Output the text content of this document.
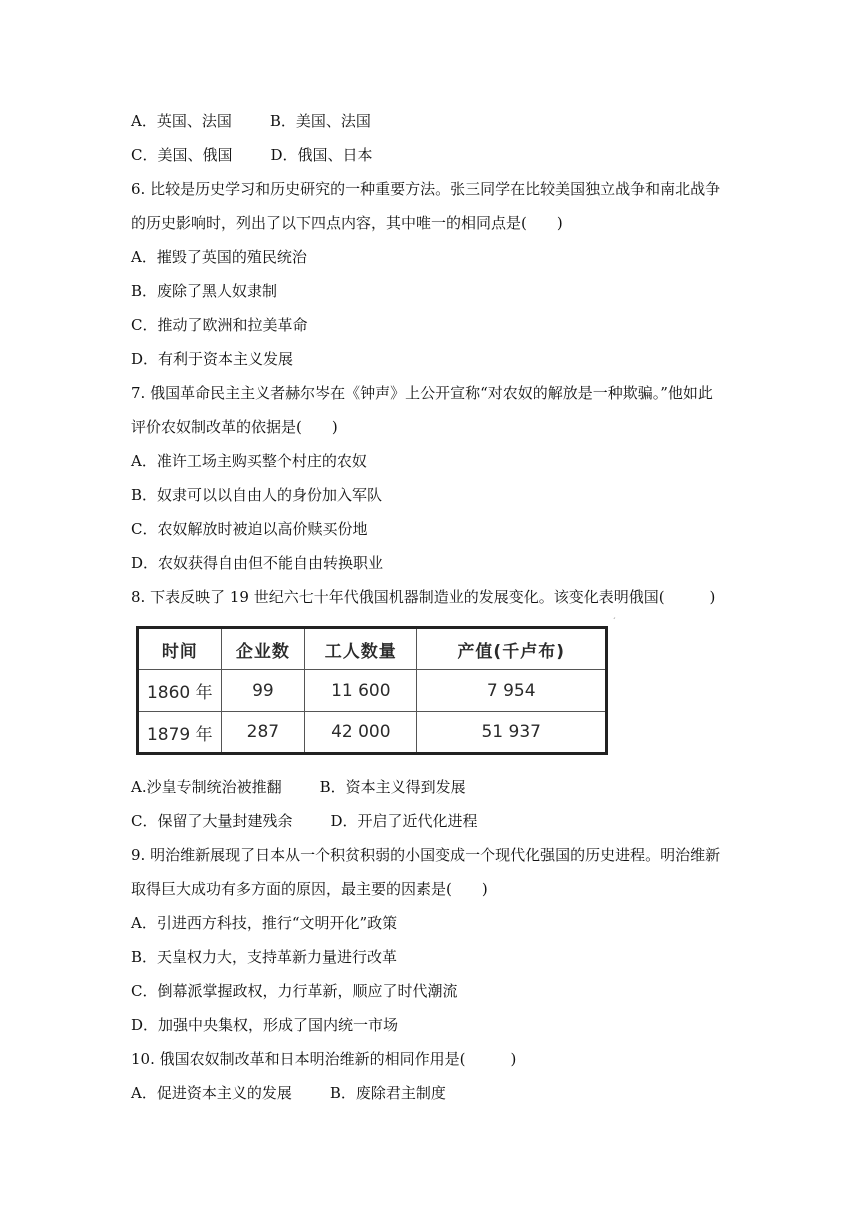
A．英国、法国	B．美国、法国
C．美国、俄国	D．俄国、日本
6. 比较是历史学习和历史研究的一种重要方法。张三同学在比较美国独立战争和南北战争
的历史影响时，列出了以下四点内容，其中唯一的相同点是(　　)
A．摧毁了英国的殖民统治
B．废除了黑人奴隶制
C．推动了欧洲和拉美革命
D．有利于资本主义发展
7. 俄国革命民主主义者赫尔岑在《钟声》上公开宣称“对农奴的解放是一种欺骗。”他如此
评价农奴制改革的依据是(　　)
A．准许工场主购买整个村庄的农奴
B．奴隶可以以自由人的身份加入军队
C．农奴解放时被迫以高价赎买份地
D．农奴获得自由但不能自由转换职业
8. 下表反映了 19 世纪六七十年代俄国机器制造业的发展变化。该变化表明俄国(　　　)
A.沙皇专制统治被推翻	B．资本主义得到发展
C．保留了大量封建残余	D．开启了近代化进程
9. 明治维新展现了日本从一个积贫积弱的小国变成一个现代化强国的历史进程。明治维新
取得巨大成功有多方面的原因，最主要的因素是(　　)
A．引进西方科技，推行“文明开化”政策
B．天皇权力大，支持革新力量进行改革
C．倒幕派掌握政权，力行革新，顺应了时代潮流
D．加强中央集权，形成了国内统一市场
10. 俄国农奴制改革和日本明治维新的相同作用是(　　　)
A．促进资本主义的发展	B．废除君主制度
时间	企业数	工人数量	产值(千卢布)
1860 年	99	11 600	7 954
1879 年	287	42 000	51 937
ˊ
